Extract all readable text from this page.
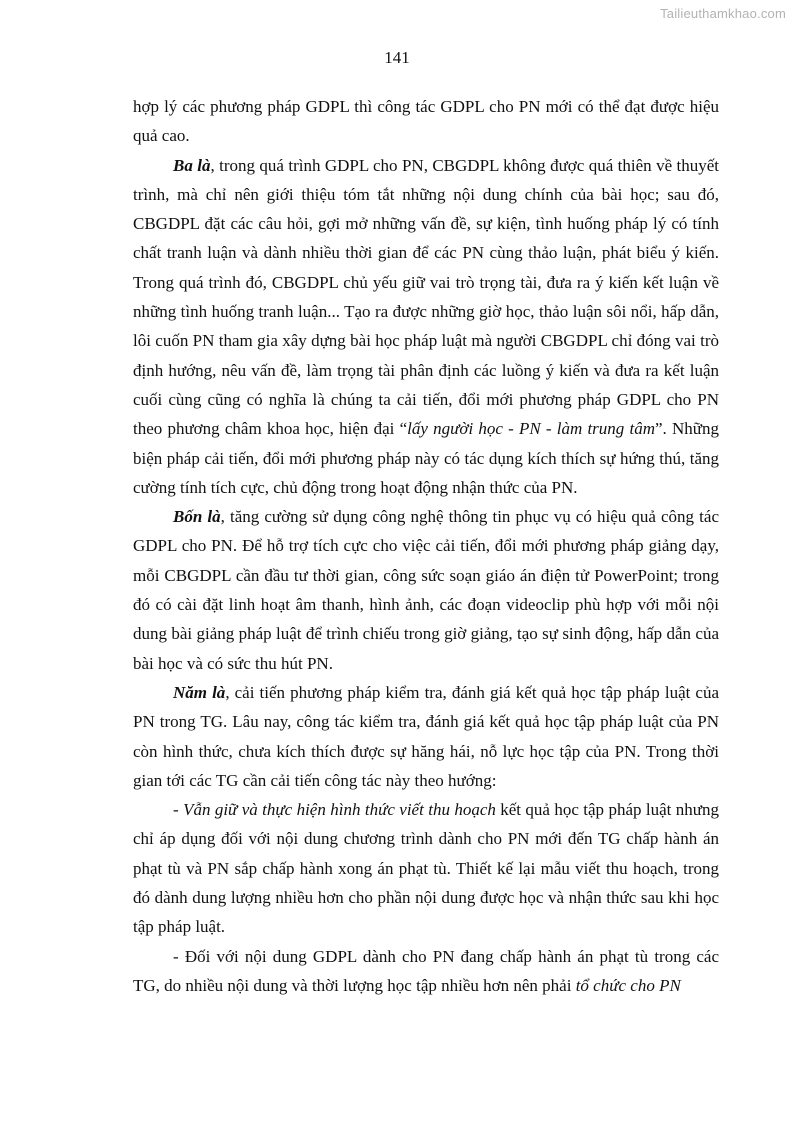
Tailieuthamkhao.com
141

hợp lý các phương pháp GDPL thì công tác GDPL cho PN mới có thể đạt được hiệu quả cao.

Ba là, trong quá trình GDPL cho PN, CBGDPL không được quá thiên về thuyết trình, mà chỉ nên giới thiệu tóm tắt những nội dung chính của bài học; sau đó, CBGDPL đặt các câu hỏi, gợi mở những vấn đề, sự kiện, tình huống pháp lý có tính chất tranh luận và dành nhiều thời gian để các PN cùng thảo luận, phát biểu ý kiến. Trong quá trình đó, CBGDPL chủ yếu giữ vai trò trọng tài, đưa ra ý kiến kết luận về những tình huống tranh luận... Tạo ra được những giờ học, thảo luận sôi nổi, hấp dẫn, lôi cuốn PN tham gia xây dựng bài học pháp luật mà người CBGDPL chỉ đóng vai trò định hướng, nêu vấn đề, làm trọng tài phân định các luồng ý kiến và đưa ra kết luận cuối cùng cũng có nghĩa là chúng ta cải tiến, đổi mới phương pháp GDPL cho PN theo phương châm khoa học, hiện đại “lấy người học - PN - làm trung tâm”. Những biện pháp cải tiến, đổi mới phương pháp này có tác dụng kích thích sự hứng thú, tăng cường tính tích cực, chủ động trong hoạt động nhận thức của PN.

Bốn là, tăng cường sử dụng công nghệ thông tin phục vụ có hiệu quả công tác GDPL cho PN. Để hỗ trợ tích cực cho việc cải tiến, đổi mới phương pháp giảng dạy, mỗi CBGDPL cần đầu tư thời gian, công sức soạn giáo án điện tử PowerPoint; trong đó có cài đặt linh hoạt âm thanh, hình ảnh, các đoạn videoclip phù hợp với mỗi nội dung bài giảng pháp luật để trình chiếu trong giờ giảng, tạo sự sinh động, hấp dẫn của bài học và có sức thu hút PN.

Năm là, cải tiến phương pháp kiểm tra, đánh giá kết quả học tập pháp luật của PN trong TG. Lâu nay, công tác kiểm tra, đánh giá kết quả học tập pháp luật của PN còn hình thức, chưa kích thích được sự hăng hái, nỗ lực học tập của PN. Trong thời gian tới các TG cần cải tiến công tác này theo hướng:

- Vẫn giữ và thực hiện hình thức viết thu hoạch kết quả học tập pháp luật nhưng chỉ áp dụng đối với nội dung chương trình dành cho PN mới đến TG chấp hành án phạt tù và PN sắp chấp hành xong án phạt tù. Thiết kế lại mẫu viết thu hoạch, trong đó dành dung lượng nhiều hơn cho phần nội dung được học và nhận thức sau khi học tập pháp luật.

- Đối với nội dung GDPL dành cho PN đang chấp hành án phạt tù trong các TG, do nhiều nội dung và thời lượng học tập nhiều hơn nên phải tổ chức cho PN
